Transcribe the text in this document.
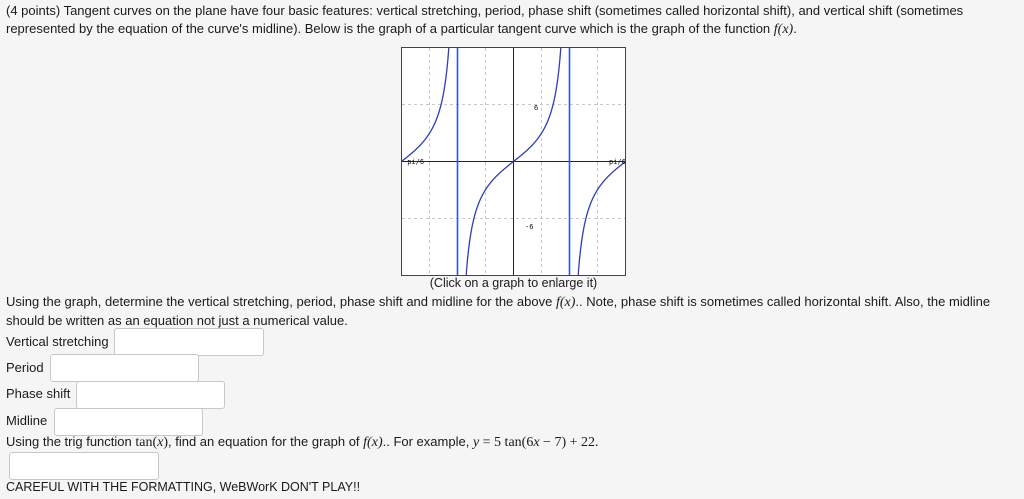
(4 points) Tangent curves on the plane have four basic features: vertical stretching, period, phase shift (sometimes called horizontal shift), and vertical shift (sometimes represented by the equation of the curve's midline). Below is the graph of a particular tangent curve which is the graph of the function f(x).
-pi/6	pi/6
6
-6
(Click on a graph to enlarge it)
Using the graph, determine the vertical stretching, period, phase shift and midline for the above f(x).. Note, phase shift is sometimes called horizontal shift. Also, the midline should be written as an equation not just a numerical value.
Vertical stretching
Period
Phase shift
Midline
Using the trig function tan(x), find an equation for the graph of f(x).. For example, y = 5 tan(6x − 7) + 22.
CAREFUL WITH THE FORMATTING, WeBWorK DON'T PLAY!!
